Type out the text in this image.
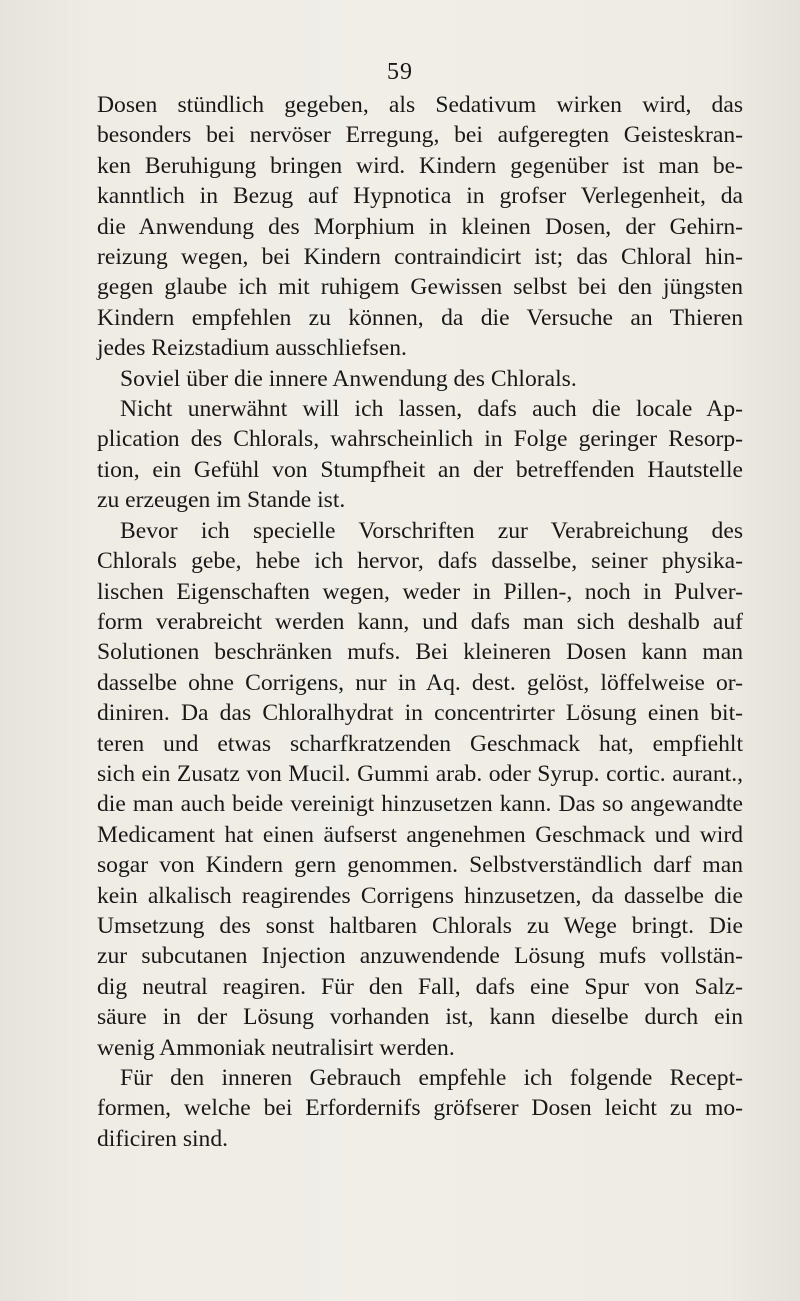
59
Dosen stündlich gegeben, als Sedativum wirken wird, das
besonders bei nervöser Erregung, bei aufgeregten Geisteskran-
ken Beruhigung bringen wird. Kindern gegenüber ist man be-
kanntlich in Bezug auf Hypnotica in grofser Verlegenheit, da
die Anwendung des Morphium in kleinen Dosen, der Gehirn-
reizung wegen, bei Kindern contraindicirt ist; das Chloral hin-
gegen glaube ich mit ruhigem Gewissen selbst bei den jüngsten
Kindern empfehlen zu können, da die Versuche an Thieren
jedes Reizstadium ausschliefsen.
Soviel über die innere Anwendung des Chlorals.
Nicht unerwähnt will ich lassen, dafs auch die locale Ap-
plication des Chlorals, wahrscheinlich in Folge geringer Resorp-
tion, ein Gefühl von Stumpfheit an der betreffenden Hautstelle
zu erzeugen im Stande ist.
Bevor ich specielle Vorschriften zur Verabreichung des
Chlorals gebe, hebe ich hervor, dafs dasselbe, seiner physika-
lischen Eigenschaften wegen, weder in Pillen-, noch in Pulver-
form verabreicht werden kann, und dafs man sich deshalb auf
Solutionen beschränken mufs. Bei kleineren Dosen kann man
dasselbe ohne Corrigens, nur in Aq. dest. gelöst, löffelweise or-
diniren. Da das Chloralhydrat in concentrirter Lösung einen bit-
teren und etwas scharfkratzenden Geschmack hat, empfiehlt
sich ein Zusatz von Mucil. Gummi arab. oder Syrup. cortic. aurant.,
die man auch beide vereinigt hinzusetzen kann. Das so angewandte
Medicament hat einen äufserst angenehmen Geschmack und wird
sogar von Kindern gern genommen. Selbstverständlich darf man
kein alkalisch reagirendes Corrigens hinzusetzen, da dasselbe die
Umsetzung des sonst haltbaren Chlorals zu Wege bringt. Die
zur subcutanen Injection anzuwendende Lösung mufs vollstän-
dig neutral reagiren. Für den Fall, dafs eine Spur von Salz-
säure in der Lösung vorhanden ist, kann dieselbe durch ein
wenig Ammoniak neutralisirt werden.
Für den inneren Gebrauch empfehle ich folgende Recept-
formen, welche bei Erfordernifs gröfserer Dosen leicht zu mo-
dificiren sind.
